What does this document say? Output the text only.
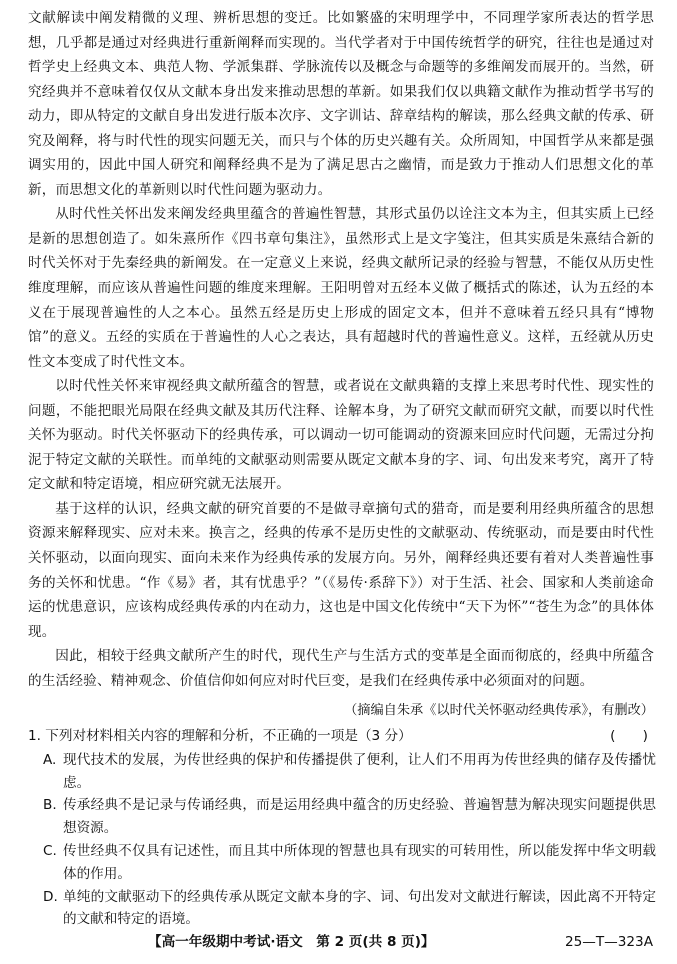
文献解读中阐发精微的义理、辨析思想的变迁。比如繁盛的宋明理学中，不同理学家所表达的哲学思想，几乎都是通过对经典进行重新阐释而实现的。当代学者对于中国传统哲学的研究，往往也是通过对哲学史上经典文本、典范人物、学派集群、学脉流传以及概念与命题等的多维阐发而展开的。当然，研究经典并不意味着仅仅从文献本身出发来推动思想的革新。如果我们仅以典籍文献作为推动哲学书写的动力，即从特定的文献自身出发进行版本次序、文字训诂、辞章结构的解读，那么经典文献的传承、研究及阐释，将与时代性的现实问题无关，而只与个体的历史兴趣有关。众所周知，中国哲学从来都是强调实用的，因此中国人研究和阐释经典不是为了满足思古之幽情，而是致力于推动人们思想文化的革新，而思想文化的革新则以时代性问题为驱动力。

从时代性关怀出发来阐发经典里蕴含的普遍性智慧，其形式虽仍以诠注文本为主，但其实质上已经是新的思想创造了。如朱熹所作《四书章句集注》，虽然形式上是文字笺注，但其实质是朱熹结合新的时代关怀对于先秦经典的新阐发。在一定意义上来说，经典文献所记录的经验与智慧，不能仅从历史性维度理解，而应该从普遍性问题的维度来理解。王阳明曾对五经本义做了概括式的陈述，认为五经的本义在于展现普遍性的人之本心。虽然五经是历史上形成的固定文本，但并不意味着五经只具有“博物馆”的意义。五经的实质在于普遍性的人心之表达，具有超越时代的普遍性意义。这样，五经就从历史性文本变成了时代性文本。

以时代性关怀来审视经典文献所蕴含的智慧，或者说在文献典籍的支撑上来思考时代性、现实性的问题，不能把眼光局限在经典文献及其历代注释、诠解本身，为了研究文献而研究文献，而要以时代性关怀为驱动。时代关怀驱动下的经典传承，可以调动一切可能调动的资源来回应时代问题，无需过分拘泥于特定文献的关联性。而单纯的文献驱动则需要从既定文献本身的字、词、句出发来考究，离开了特定文献和特定语境，相应研究就无法展开。

基于这样的认识，经典文献的研究首要的不是做寻章摘句式的猎奇，而是要利用经典所蕴含的思想资源来解释现实、应对未来。换言之，经典的传承不是历史性的文献驱动、传统驱动，而是要由时代性关怀驱动，以面向现实、面向未来作为经典传承的发展方向。另外，阐释经典还要有着对人类普遍性事务的关怀和忧患。“作《易》者，其有忧患乎？”（《易传·系辞下》）对于生活、社会、国家和人类前途命运的忧患意识，应该构成经典传承的内在动力，这也是中国文化传统中“天下为怀”“苍生为念”的具体体现。

因此，相较于经典文献所产生的时代，现代生产与生活方式的变革是全面而彻底的，经典中所蕴含的生活经验、精神观念、价值信仰如何应对时代巨变，是我们在经典传承中必须面对的问题。

（摘编自朱承《以时代关怀驱动经典传承》，有删改）
1. 下列对材料相关内容的理解和分析，不正确的一项是（3 分）	(　　)
A. 现代技术的发展，为传世经典的保护和传播提供了便利，让人们不用再为传世经典的储存及传播忧虑。
B. 传承经典不是记录与传诵经典，而是运用经典中蕴含的历史经验、普遍智慧为解决现实问题提供思想资源。
C. 传世经典不仅具有记述性，而且其中所体现的智慧也具有现实的可转用性，所以能发挥中华文明载体的作用。
D. 单纯的文献驱动下的经典传承从既定文献本身的字、词、句出发对文献进行解读，因此离不开特定的文献和特定的语境。
【高一年级期中考试·语文　第 2 页(共 8 页)】	25—T—323A
